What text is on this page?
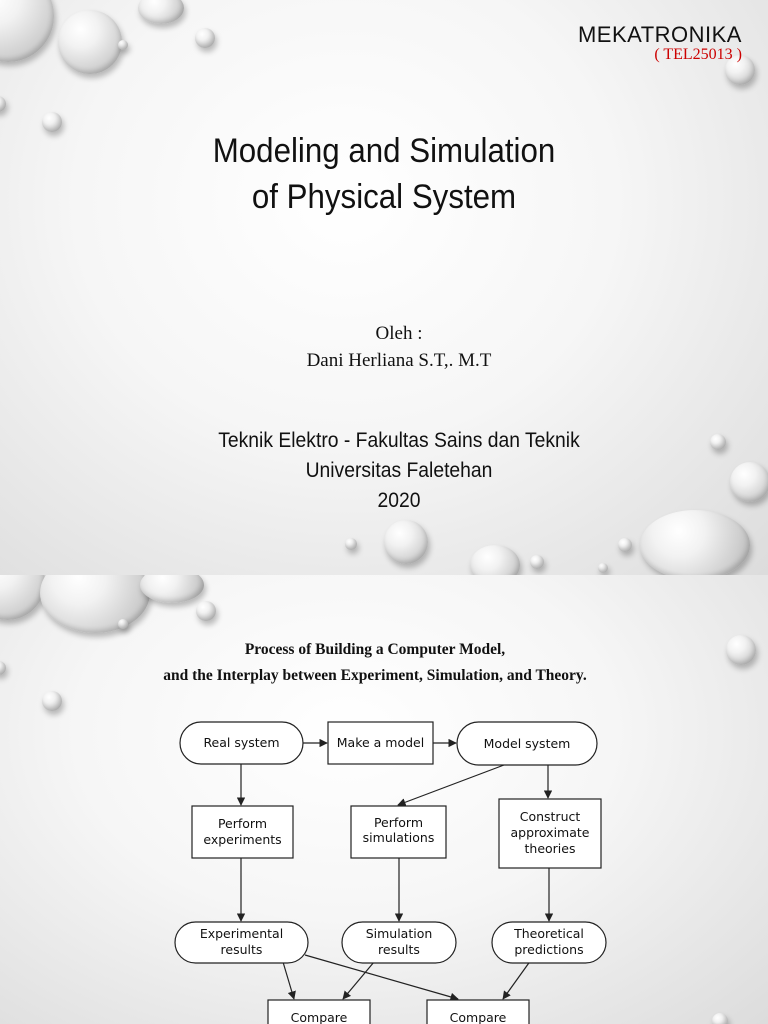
MEKATRONIKA
( TEL25013 )
Modeling and Simulation
of Physical System
Oleh :
Dani Herliana S.T,. M.T
Teknik Elektro - Fakultas Sains dan Teknik
Universitas Faletehan
2020
Process of Building a Computer Model,
and the Interplay between Experiment, Simulation, and Theory.
Real system	Make a model	Model system
Perform
experiments
Perform
simulations
Construct
approximate
theories
Experimental
results
Simulation
results
Theoretical
predictions
Compare	Compare
